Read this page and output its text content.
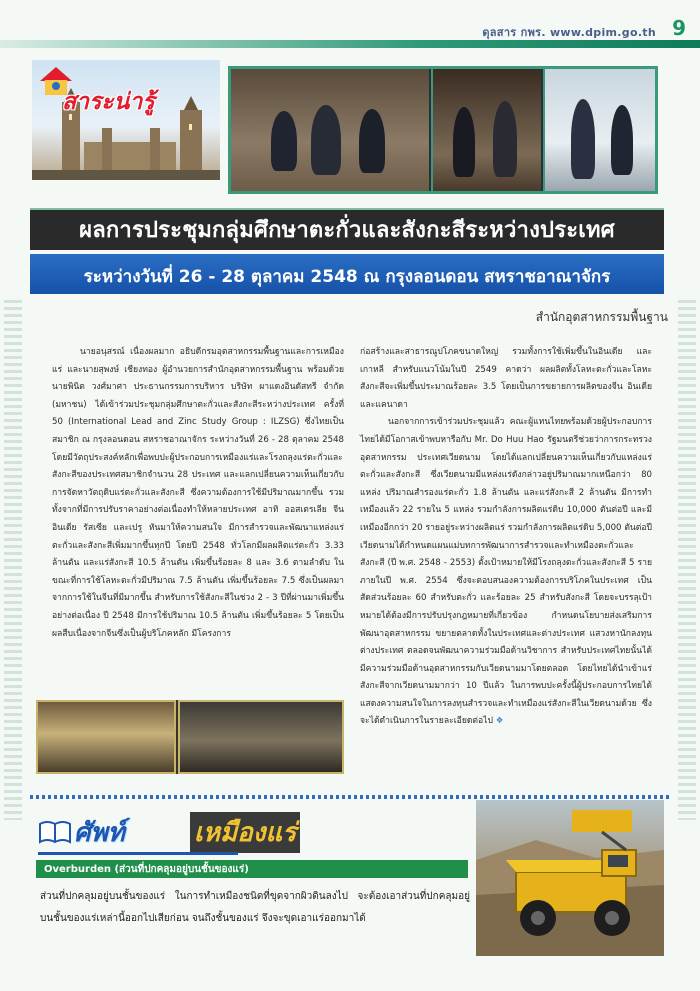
ดุลสาร กพร. www.dpim.go.th 9
สาระน่ารู้
ผลการประชุมกลุ่มศึกษาตะกั่วและสังกะสีระหว่างประเทศ
ระหว่างวันที่ 26 - 28 ตุลาคม 2548 ณ กรุงลอนดอน สหราชอาณาจักร
สำนักอุตสาหกรรมพื้นฐาน

นายอนุสรณ์ เนื่องผลมาก อธิบดีกรมอุตสาหกรรมพื้นฐานและการเหมืองแร่ และนายสุพงษ์ เชียงทอง ผู้อำนวยการสำนักอุตสาหกรรมพื้นฐาน พร้อมด้วยนายพินิต วงศ์มาศา ประธานกรรมการบริหาร บริษัท ผาแดงอินดัสทรี จำกัด (มหาชน) ได้เข้าร่วมประชุมกลุ่มศึกษาตะกั่วและสังกะสีระหว่างประเทศ ครั้งที่ 50 (International Lead and Zinc Study Group : ILZSG) ซึ่งไทยเป็นสมาชิก ณ กรุงลอนดอน สหราชอาณาจักร ระหว่างวันที่ 26 - 28 ตุลาคม 2548 โดยมีวัตถุประสงค์หลักเพื่อพบปะผู้ประกอบการเหมืองแร่และโรงถลุงแร่ตะกั่วและสังกะสีของประเทศสมาชิกจำนวน 28 ประเทศ และแลกเปลี่ยนความเห็นเกี่ยวกับการจัดหาวัตถุดิบแร่ตะกั่วและสังกะสี ซึ่งความต้องการใช้มีปริมาณมากขึ้น รวมทั้งจากที่มีการปรับราคาอย่างต่อเนื่องทำให้หลายประเทศ อาทิ ออสเตรเลีย จีน อินเดีย รัสเซีย และเปรู หันมาให้ความสนใจ มีการสำรวจและพัฒนาแหล่งแร่ตะกั่วและสังกะสีเพิ่มมากขึ้นทุกปี โดยปี 2548 ทั่วโลกมีผลผลิตแร่ตะกั่ว 3.33 ล้านตัน และแร่สังกะสี 10.5 ล้านตัน เพิ่มขึ้นร้อยละ 8 และ 3.6 ตามลำดับ ในขณะที่การใช้โลหะตะกั่วมีปริมาณ 7.5 ล้านตัน เพิ่มขึ้นร้อยละ 7.5 ซึ่งเป็นผลมาจากการใช้ในจีนที่มีมากขึ้น สำหรับการใช้สังกะสีในช่วง 2 - 3 ปีที่ผ่านมาเพิ่มขึ้นอย่างต่อเนื่อง ปี 2548 มีการใช้ปริมาณ 10.5 ล้านตัน เพิ่มขึ้นร้อยละ 5 โดยเป็นผลสืบเนื่องจากจีนซึ่งเป็นผู้บริโภคหลัก มีโครงการ

ก่อสร้างและสาธารณูปโภคขนาดใหญ่ รวมทั้งการใช้เพิ่มขึ้นในอินเดีย และเกาหลี สำหรับแนวโน้มในปี 2549 คาดว่า ผลผลิตทั้งโลหะตะกั่วและโลหะสังกะสีจะเพิ่มขึ้นประมาณร้อยละ 3.5 โดยเป็นการขยายการผลิตของจีน อินเดีย และแคนาดา

นอกจากการเข้าร่วมประชุมแล้ว คณะผู้แทนไทยพร้อมด้วยผู้ประกอบการไทยได้มีโอกาสเข้าพบหารือกับ Mr. Do Huu Hao รัฐมนตรีช่วยว่าการกระทรวงอุตสาหกรรม ประเทศเวียดนาม โดยได้แลกเปลี่ยนความเห็นเกี่ยวกับแหล่งแร่ตะกั่วและสังกะสี ซึ่งเวียดนามมีแหล่งแร่ดังกล่าวอยู่ปริมาณมากเหนือกว่า 80 แหล่ง ปริมาณสำรองแร่ตะกั่ว 1.8 ล้านตัน และแร่สังกะสี 2 ล้านตัน มีการทำเหมืองแล้ว 22 รายใน 5 แหล่ง รวมกำลังการผลิตแร่ดิบ 10,000 ตันต่อปี และมีเหมืองอีกกว่า 20 รายอยู่ระหว่างผลิตแร่ รวมกำลังการผลิตแร่ดิบ 5,000 ตันต่อปี เวียดนามได้กำหนดแผนแม่บทการพัฒนาการสำรวจและทำเหมืองตะกั่วและสังกะสี (ปี พ.ศ. 2548 - 2553) ตั้งเป้าหมายให้มีโรงถลุงตะกั่วและสังกะสี 5 ราย ภายในปี พ.ศ. 2554 ซึ่งจะตอบสนองความต้องการบริโภคในประเทศ เป็นสัดส่วนร้อยละ 60 สำหรับตะกั่ว และร้อยละ 25 สำหรับสังกะสี โดยจะบรรลุเป้าหมายได้ต้องมีการปรับปรุงกฎหมายที่เกี่ยวข้อง กำหนดนโยบายส่งเสริมการพัฒนาอุตสาหกรรม ขยายตลาดทั้งในประเทศและต่างประเทศ แสวงหานักลงทุนต่างประเทศ ตลอดจนพัฒนาความร่วมมือด้านวิชาการ สำหรับประเทศไทยนั้นได้มีความร่วมมือด้านอุตสาหกรรมกับเวียดนามมาโดยตลอด โดยไทยได้นำเข้าแร่สังกะสีจากเวียดนามมากว่า 10 ปีแล้ว ในการพบปะครั้งนี้ผู้ประกอบการไทยได้แสดงความสนใจในการลงทุนสำรวจและทำเหมืองแร่สังกะสีในเวียดนามด้วย ซึ่งจะได้ดำเนินการในรายละเอียดต่อไป ❖

ศัพท์	เหมืองแร่
Overburden (ส่วนที่ปกคลุมอยู่บนชั้นของแร่)
ส่วนที่ปกคลุมอยู่บนชั้นของแร่ ในการทำเหมืองชนิดที่ขุดจากผิวดินลงไป จะต้องเอาส่วนที่ปกคลุมอยู่บนชั้นของแร่เหล่านี้ออกไปเสียก่อน จนถึงชั้นของแร่ จึงจะขุดเอาแร่ออกมาได้
